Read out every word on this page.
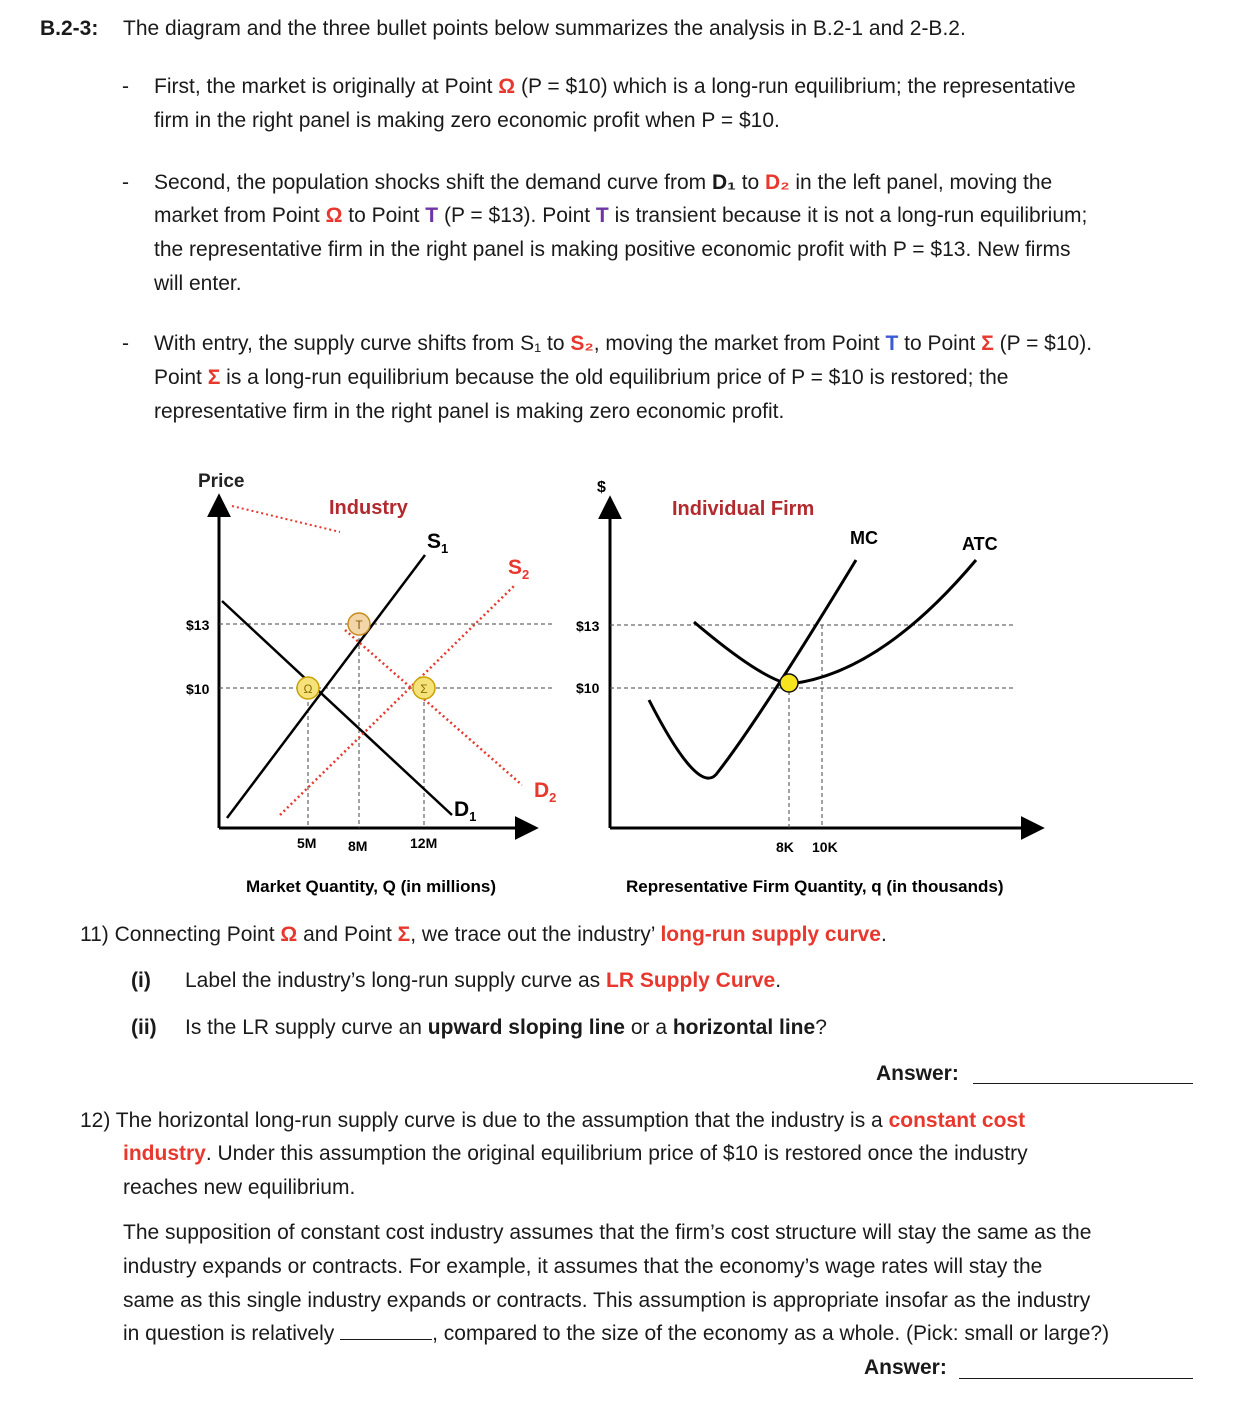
B.2-3: The diagram and the three bullet points below summarizes the analysis in B.2-1 and 2-B.2.
- First, the market is originally at Point Ω (P = $10) which is a long-run equilibrium; the representative
firm in the right panel is making zero economic profit when P = $10.
- Second, the population shocks shift the demand curve from D₁ to D₂ in the left panel, moving the
market from Point Ω to Point T (P = $13). Point T is transient because it is not a long-run equilibrium;
the representative firm in the right panel is making positive economic profit with P = $13. New firms
will enter.
- With entry, the supply curve shifts from S₁ to S₂, moving the market from Point T to Point Σ (P = $10).
Point Σ is a long-run equilibrium because the old equilibrium price of P = $10 is restored; the
representative firm in the right panel is making zero economic profit.
Price
Industry
$S_1$
$S_2$
$D_1$
$D_2$
$13
$10
5M 8M	12M
Ω
T
Σ
$
Individual Firm
MC	ATC
$13
$10
8K 10K
Market Quantity, Q (in millions)	Representative Firm Quantity, q (in thousands)
11) Connecting Point Ω and Point Σ, we trace out the industry’ long-run supply curve.
(i) Label the industry’s long-run supply curve as LR Supply Curve.
(ii) Is the LR supply curve an upward sloping line or a horizontal line?
Answer:
12) The horizontal long-run supply curve is due to the assumption that the industry is a constant cost
industry. Under this assumption the original equilibrium price of $10 is restored once the industry
reaches new equilibrium.
The supposition of constant cost industry assumes that the firm’s cost structure will stay the same as the
industry expands or contracts. For example, it assumes that the economy’s wage rates will stay the
same as this single industry expands or contracts. This assumption is appropriate insofar as the industry
in question is relatively	, compared to the size of the economy as a whole. (Pick: small or large?)
Answer:
